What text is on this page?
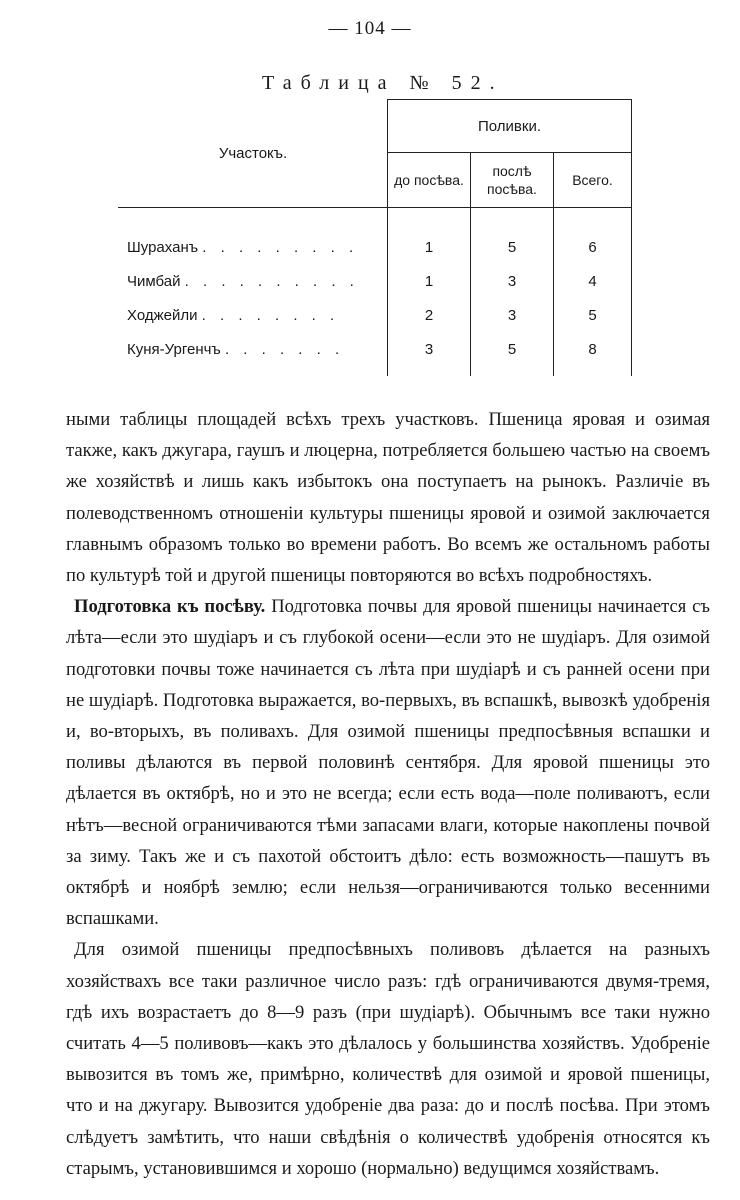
— 104 —
Таблица № 52.
Участокъ.	Поливки.		
	до посѣва.	послѣ посѣва.	Всего.
Шураханъ . . . . . . . . .	1	5	6
Чимбай . . . . . . . . . .	1	3	4
Ходжейли . . . . . . . .	2	3	5
Куня-Ургенчъ . . . . . . .	3	5	8

ными таблицы площадей всѣхъ трехъ участковъ. Пшеница яровая и озимая также, какъ джугара, гаушъ и люцерна, потребляется большею частью на своемъ же хозяйствѣ и лишь какъ избытокъ она поступаетъ на рынокъ. Различіе въ полеводственномъ отношеніи культуры пшеницы яровой и озимой заключается главнымъ образомъ только во времени работъ. Во всемъ же остальномъ работы по культурѣ той и другой пшеницы повторяются во всѣхъ подробностяхъ.

Подготовка къ посѣву. Подготовка почвы для яровой пшеницы начинается съ лѣта—если это шудіаръ и съ глубокой осени—если это не шудіаръ. Для озимой подготовки почвы тоже начинается съ лѣта при шудіарѣ и съ ранней осени при не шудіарѣ. Подготовка выражается, во-первыхъ, въ вспашкѣ, вывозкѣ удобренія и, во-вторыхъ, въ поливахъ. Для озимой пшеницы предпосѣвныя вспашки и поливы дѣлаются въ первой половинѣ сентября. Для яровой пшеницы это дѣлается въ октябрѣ, но и это не всегда; если есть вода—поле поливаютъ, если нѣтъ—весной ограничиваются тѣми запасами влаги, которые накоплены почвой за зиму. Такъ же и съ пахотой обстоитъ дѣло: есть возможность—пашутъ въ октябрѣ и ноябрѣ землю; если нельзя—ограничиваются только весенними вспашками.

Для озимой пшеницы предпосѣвныхъ поливовъ дѣлается на разныхъ хозяйствахъ все таки различное число разъ: гдѣ ограничиваются двумя-тремя, гдѣ ихъ возрастаетъ до 8—9 разъ (при шудіарѣ). Обычнымъ все таки нужно считать 4—5 поливовъ—какъ это дѣлалось у большинства хозяйствъ. Удобреніе вывозится въ томъ же, примѣрно, количествѣ для озимой и яровой пшеницы, что и на джугару. Вывозится удобреніе два раза: до и послѣ посѣва. При этомъ слѣдуетъ замѣтить, что наши свѣдѣнія о количествѣ удобренія относятся къ старымъ, установившимся и хорошо (нормально) ведущимся хозяйствамъ.
